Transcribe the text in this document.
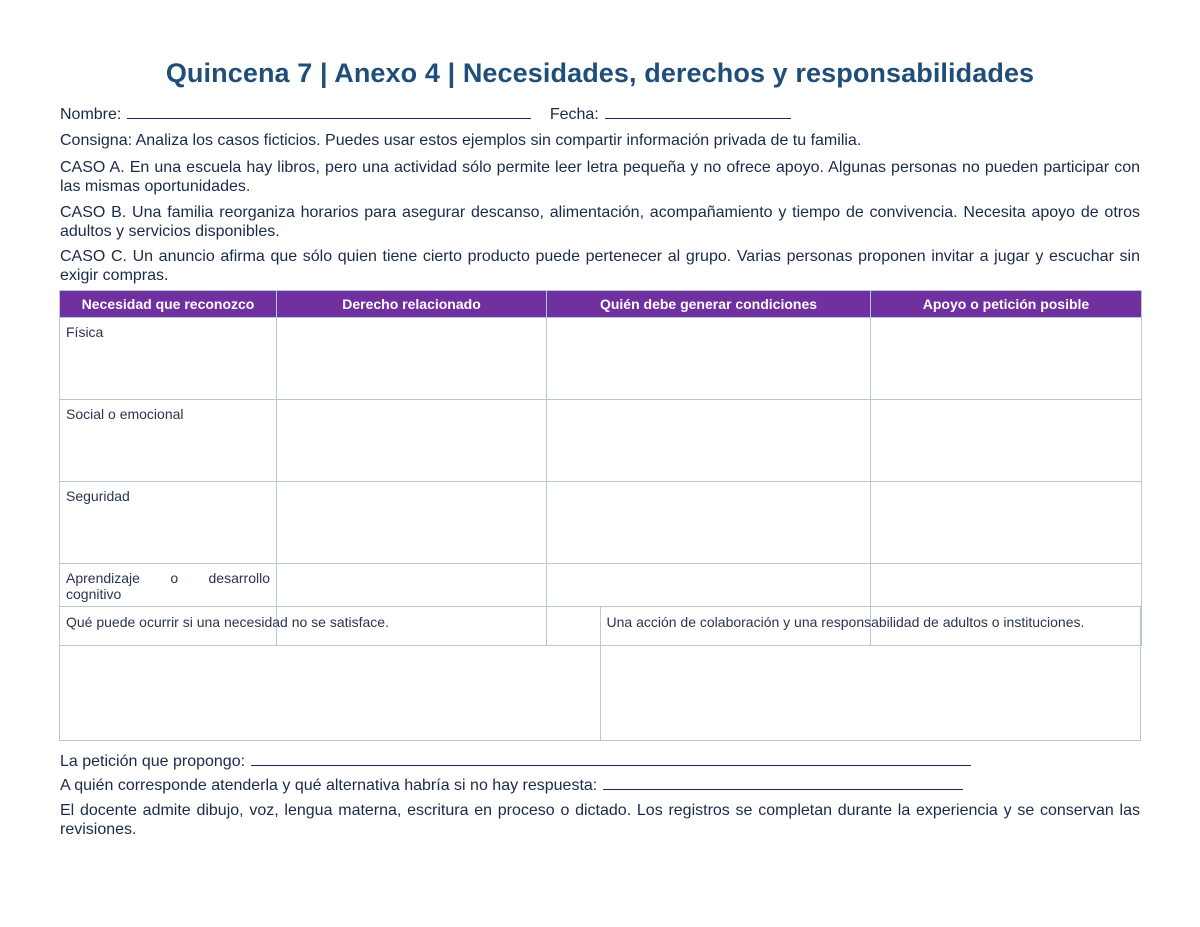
Quincena 7 | Anexo 4 | Necesidades, derechos y responsabilidades
Nombre:	Fecha:
Consigna: Analiza los casos ficticios. Puedes usar estos ejemplos sin compartir información privada de tu familia.
CASO A. En una escuela hay libros, pero una actividad sólo permite leer letra pequeña y no ofrece apoyo. Algunas personas no pueden participar con las mismas oportunidades.
CASO B. Una familia reorganiza horarios para asegurar descanso, alimentación, acompañamiento y tiempo de convivencia. Necesita apoyo de otros adultos y servicios disponibles.
CASO C. Un anuncio afirma que sólo quien tiene cierto producto puede pertenecer al grupo. Varias personas proponen invitar a jugar y escuchar sin exigir compras.
Necesidad que reconozco	Derecho relacionado	Quién debe generar condiciones	Apoyo o petición posible
Física			
Social o emocional			
Seguridad			
Aprendizaje o desarrollo cognitivo			
Qué puede ocurrir si una necesidad no se satisface.	Una acción de colaboración y una responsabilidad de adultos o instituciones.
La petición que propongo:
A quién corresponde atenderla y qué alternativa habría si no hay respuesta:
El docente admite dibujo, voz, lengua materna, escritura en proceso o dictado. Los registros se completan durante la experiencia y se conservan las revisiones.
